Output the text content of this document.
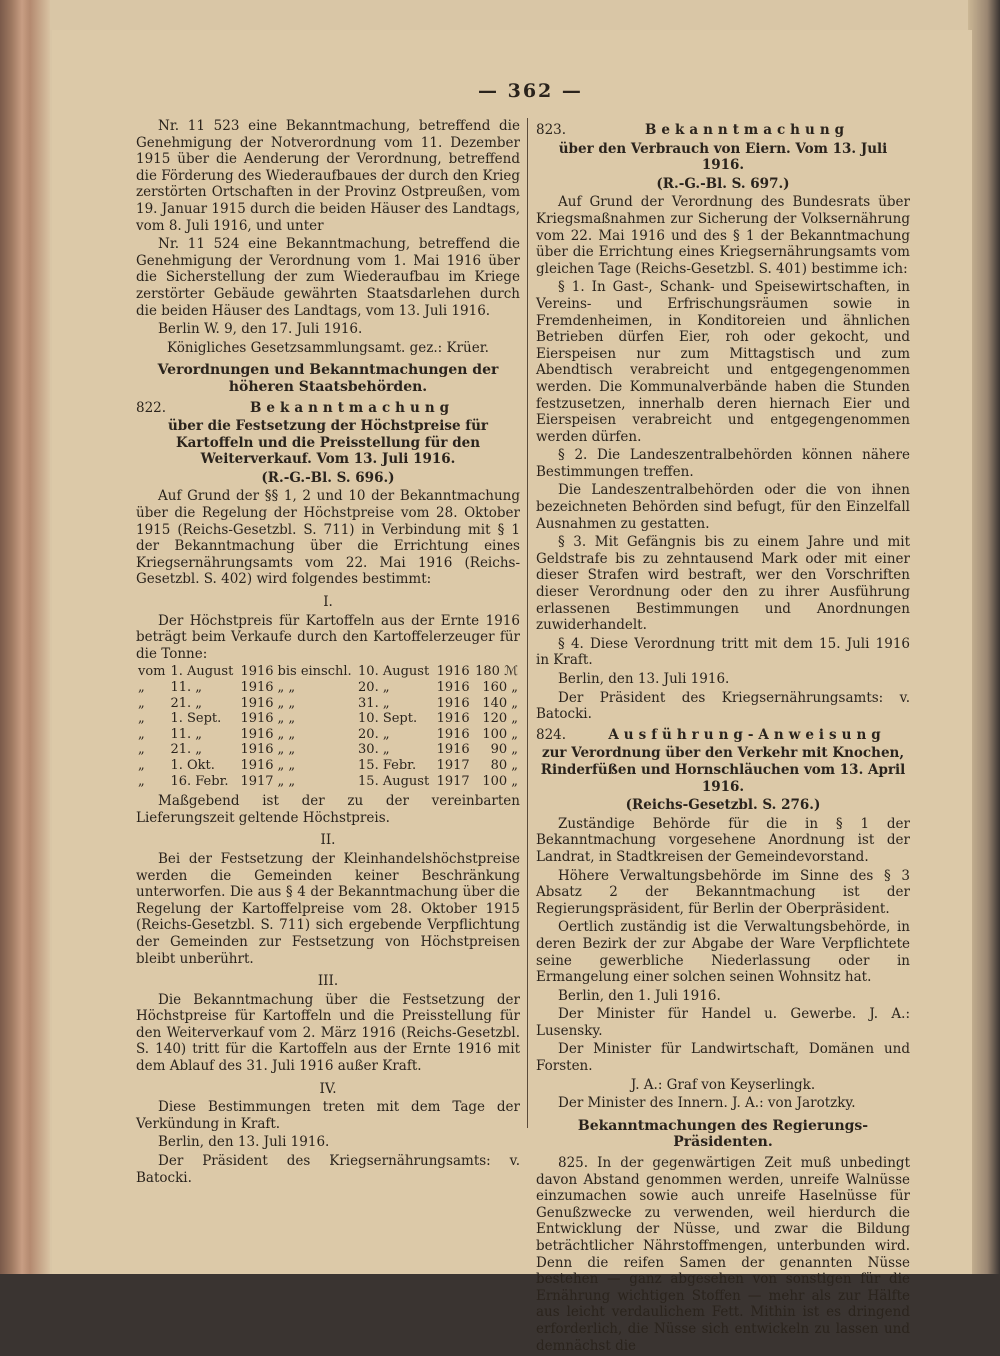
— 362 —

Nr. 11 523 eine Bekanntmachung, betreffend die Genehmigung der Notverordnung vom 11. Dezember 1915 über die Aenderung der Verordnung, betreffend die Förderung des Wiederaufbaues der durch den Krieg zerstörten Ortschaften in der Provinz Ostpreußen, vom 19. Januar 1915 durch die beiden Häuser des Landtags, vom 8. Juli 1916, und unter

Nr. 11 524 eine Bekanntmachung, betreffend die Genehmigung der Verordnung vom 1. Mai 1916 über die Sicherstellung der zum Wiederaufbau im Kriege zerstörter Gebäude gewährten Staatsdarlehen durch die beiden Häuser des Landtags, vom 13. Juli 1916.

Berlin W. 9, den 17. Juli 1916.

Königliches Gesetzsammlungsamt. gez.: Krüer.

Verordnungen und Bekanntmachungen der höheren Staatsbehörden.

822.	Bekanntmachung

über die Festsetzung der Höchstpreise für Kartoffeln und die Preisstellung für den Weiterverkauf. Vom 13. Juli 1916.

(R.-G.-Bl. S. 696.)

Auf Grund der §§ 1, 2 und 10 der Bekanntmachung über die Regelung der Höchstpreise vom 28. Oktober 1915 (Reichs-Gesetzbl. S. 711) in Verbindung mit § 1 der Bekanntmachung über die Errichtung eines Kriegsernährungsamts vom 22. Mai 1916 (Reichs-Gesetzbl. S. 402) wird folgendes bestimmt:

I.

Der Höchstpreis für Kartoffeln aus der Ernte 1916 beträgt beim Verkaufe durch den Kartoffelerzeuger für die Tonne:

vom	1. August	1916	bis einschl.	10. August	1916	180 ℳ
„	11. „	1916	„ „	20. „	1916	160 „
„	21. „	1916	„ „	31. „	1916	140 „
„	1. Sept.	1916	„ „	10. Sept.	1916	120 „
„	11. „	1916	„ „	20. „	1916	100 „
„	21. „	1916	„ „	30. „	1916	90 „
„	1. Okt.	1916	„ „	15. Febr.	1917	80 „
„	16. Febr.	1917	„ „	15. August	1917	100 „

Maßgebend ist der zu der vereinbarten Lieferungszeit geltende Höchstpreis.

II.

Bei der Festsetzung der Kleinhandelshöchstpreise werden die Gemeinden keiner Beschränkung unterworfen. Die aus § 4 der Bekanntmachung über die Regelung der Kartoffelpreise vom 28. Oktober 1915 (Reichs-Gesetzbl. S. 711) sich ergebende Verpflichtung der Gemeinden zur Festsetzung von Höchstpreisen bleibt unberührt.

III.

Die Bekanntmachung über die Festsetzung der Höchstpreise für Kartoffeln und die Preisstellung für den Weiterverkauf vom 2. März 1916 (Reichs-Gesetzbl. S. 140) tritt für die Kartoffeln aus der Ernte 1916 mit dem Ablauf des 31. Juli 1916 außer Kraft.

IV.

Diese Bestimmungen treten mit dem Tage der Verkündung in Kraft.

Berlin, den 13. Juli 1916.

Der Präsident des Kriegsernährungsamts: v. Batocki.

823.	Bekanntmachung

über den Verbrauch von Eiern. Vom 13. Juli 1916.

(R.-G.-Bl. S. 697.)

Auf Grund der Verordnung des Bundesrats über Kriegsmaßnahmen zur Sicherung der Volksernährung vom 22. Mai 1916 und des § 1 der Bekanntmachung über die Errichtung eines Kriegsernährungsamts vom gleichen Tage (Reichs-Gesetzbl. S. 401) bestimme ich:

§ 1. In Gast-, Schank- und Speisewirtschaften, in Vereins- und Erfrischungsräumen sowie in Fremdenheimen, in Konditoreien und ähnlichen Betrieben dürfen Eier, roh oder gekocht, und Eierspeisen nur zum Mittagstisch und zum Abendtisch verabreicht und entgegengenommen werden. Die Kommunalverbände haben die Stunden festzusetzen, innerhalb deren hiernach Eier und Eierspeisen verabreicht und entgegengenommen werden dürfen.

§ 2. Die Landeszentralbehörden können nähere Bestimmungen treffen.

Die Landeszentralbehörden oder die von ihnen bezeichneten Behörden sind befugt, für den Einzelfall Ausnahmen zu gestatten.

§ 3. Mit Gefängnis bis zu einem Jahre und mit Geldstrafe bis zu zehntausend Mark oder mit einer dieser Strafen wird bestraft, wer den Vorschriften dieser Verordnung oder den zu ihrer Ausführung erlassenen Bestimmungen und Anordnungen zuwiderhandelt.

§ 4. Diese Verordnung tritt mit dem 15. Juli 1916 in Kraft.

Berlin, den 13. Juli 1916.

Der Präsident des Kriegsernährungsamts: v. Batocki.

824.	Ausführung-Anweisung

zur Verordnung über den Verkehr mit Knochen, Rinderfüßen und Hornschläuchen vom 13. April 1916.

(Reichs-Gesetzbl. S. 276.)

Zuständige Behörde für die in § 1 der Bekanntmachung vorgesehene Anordnung ist der Landrat, in Stadtkreisen der Gemeindevorstand.

Höhere Verwaltungsbehörde im Sinne des § 3 Absatz 2 der Bekanntmachung ist der Regierungspräsident, für Berlin der Oberpräsident.

Oertlich zuständig ist die Verwaltungsbehörde, in deren Bezirk der zur Abgabe der Ware Verpflichtete seine gewerbliche Niederlassung oder in Ermangelung einer solchen seinen Wohnsitz hat.

Berlin, den 1. Juli 1916.

Der Minister für Handel u. Gewerbe. J. A.: Lusensky.

Der Minister für Landwirtschaft, Domänen und Forsten.

J. A.: Graf von Keyserlingk.

Der Minister des Innern. J. A.: von Jarotzky.

Bekanntmachungen des Regierungs-Präsidenten.

825. In der gegenwärtigen Zeit muß unbedingt davon Abstand genommen werden, unreife Walnüsse einzumachen sowie auch unreife Haselnüsse für Genußzwecke zu verwenden, weil hierdurch die Entwicklung der Nüsse, und zwar die Bildung beträchtlicher Nährstoffmengen, unterbunden wird. Denn die reifen Samen der genannten Nüsse bestehen — ganz abgesehen von sonstigen für die Ernährung wichtigen Stoffen — mehr als zur Hälfte aus leicht verdaulichem Fett. Mithin ist es dringend erforderlich, die Nüsse sich entwickeln zu lassen und demnächst die
